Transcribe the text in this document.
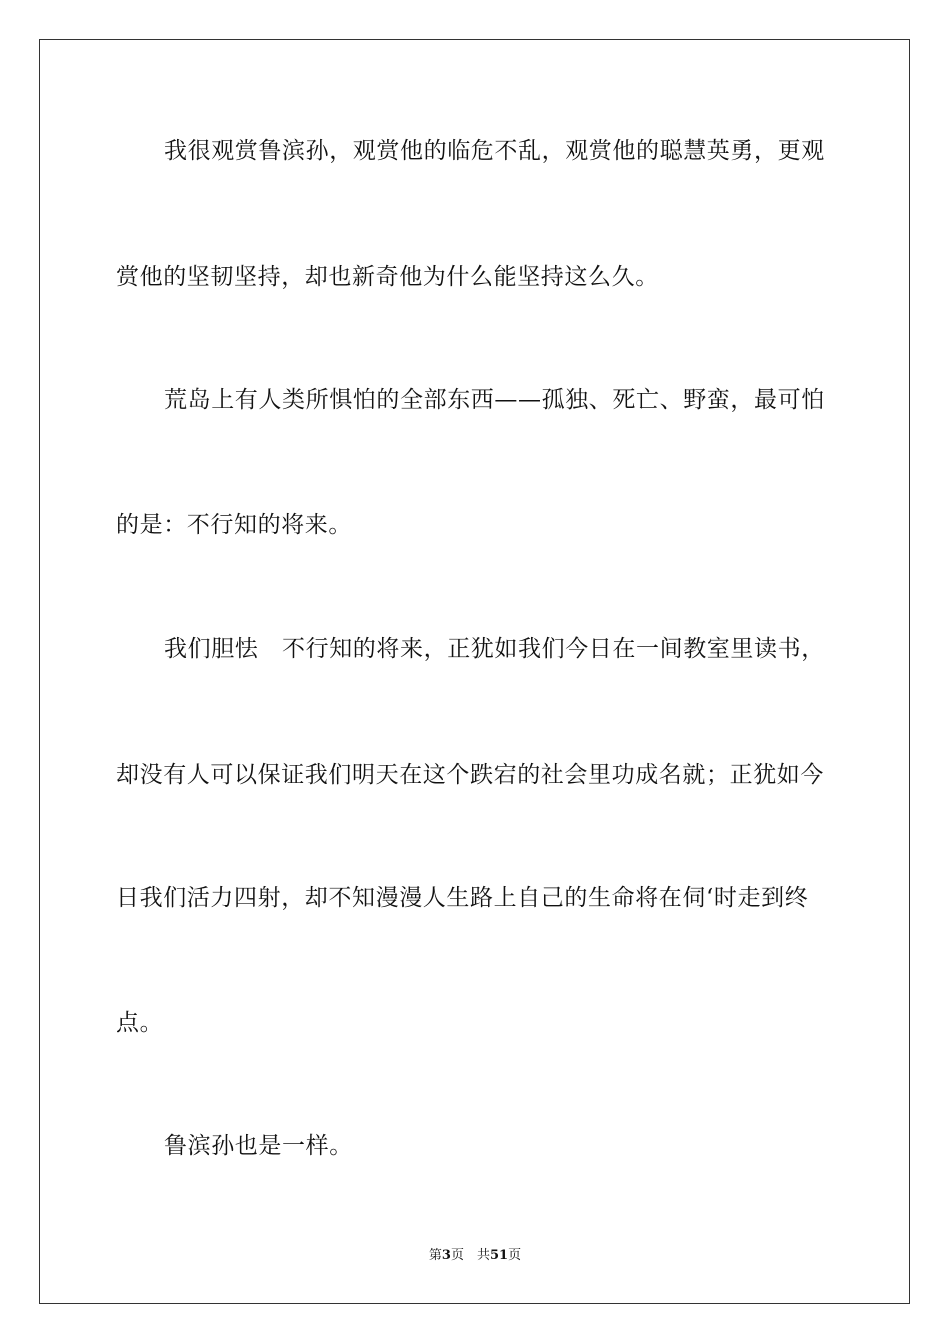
我很观赏鲁滨孙，观赏他的临危不乱，观赏他的聪慧英勇，更观
赏他的坚韧坚持，却也新奇他为什么能坚持这么久。
荒岛上有人类所惧怕的全部东西——孤独、死亡、野蛮，最可怕
的是：不行知的将来。
我们胆怯　不行知的将来，正犹如我们今日在一间教室里读书，
却没有人可以保证我们明天在这个跌宕的社会里功成名就；正犹如今
日我们活力四射，却不知漫漫人生路上自己的生命将在伺‘时走到终
点。
鲁滨孙也是一样。
第3页　共51页
